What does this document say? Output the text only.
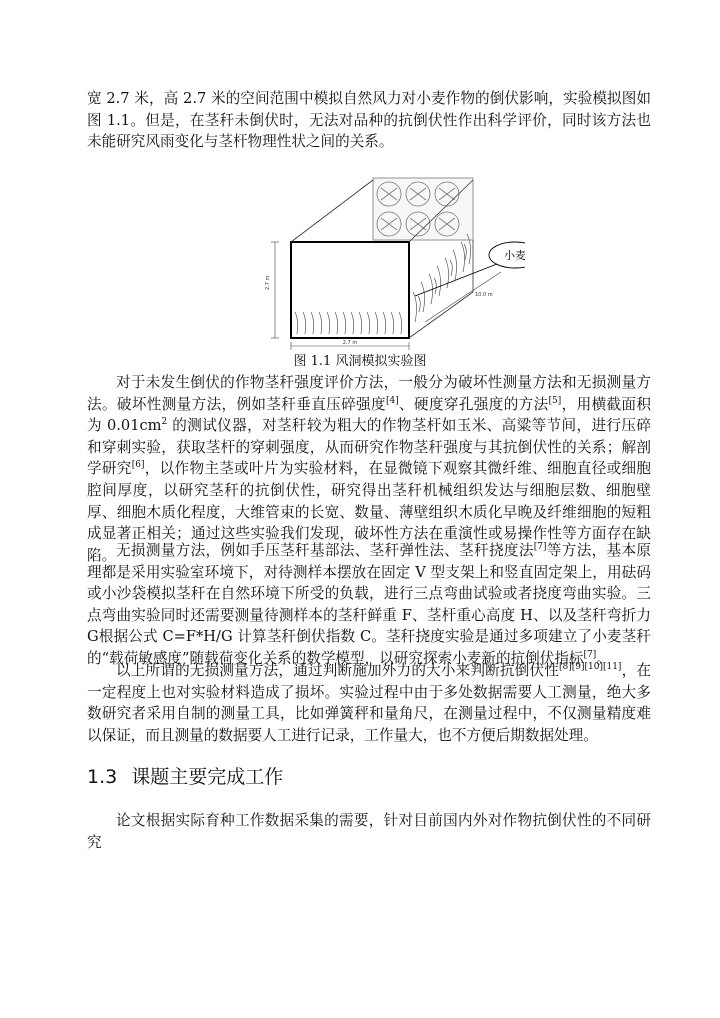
宽 2.7 米，高 2.7 米的空间范围中模拟自然风力对小麦作物的倒伏影响，实验模拟图如图 1.1。但是，在茎秆未倒伏时，无法对品种的抗倒伏性作出科学评价，同时该方法也未能研究风雨变化与茎杆物理性状之间的关系。

小麦
2.7 m
2.7 m
10.0 m
图 1.1 风洞模拟实验图

对于未发生倒伏的作物茎秆强度评价方法，一般分为破坏性测量方法和无损测量方法。破坏性测量方法，例如茎秆垂直压碎强度[4]、硬度穿孔强度的方法[5]，用横截面积为 $0.01cm^2$ 的测试仪器，对茎秆较为粗大的作物茎杆如玉米、高粱等节间，进行压碎和穿刺实验，获取茎杆的穿刺强度，从而研究作物茎秆强度与其抗倒伏性的关系；解剖学研究[6]，以作物主茎或叶片为实验材料，在显微镜下观察其微纤维、细胞直径或细胞腔间厚度，以研究茎秆的抗倒伏性，研究得出茎秆机械组织发达与细胞层数、细胞壁厚、细胞木质化程度，大维管束的长宽、数量、薄壁组织木质化早晚及纤维细胞的短粗成显著正相关；通过这些实验我们发现，破坏性方法在重演性或易操作性等方面存在缺陷。 无损测量方法，例如手压茎秆基部法、茎秆弹性法、茎秆挠度法[7]等方法，基本原理都是采用实验室环境下，对待测样本摆放在固定 V 型支架上和竖直固定架上，用砝码或小沙袋模拟茎秆在自然环境下所受的负载，进行三点弯曲试验或者挠度弯曲实验。三点弯曲实验同时还需要测量待测样本的茎秆鲜重 F、茎杆重心高度 H、以及茎秆弯折力 G根据公式 C=F*H/G 计算茎秆倒伏指数 C。茎秆挠度实验是通过多项建立了小麦茎秆的“载荷敏感度”随载荷变化关系的数学模型，以研究探索小麦新的抗倒伏指标[7]。

以上所谓的无损测量方法，通过判断施加外力的大小来判断抗倒伏性[8][9][10][11]，在一定程度上也对实验材料造成了损坏。实验过程中由于多处数据需要人工测量，绝大多数研究者采用自制的测量工具，比如弹簧秤和量角尺，在测量过程中，不仅测量精度难以保证，而且测量的数据要人工进行记录，工作量大，也不方便后期数据处理。

1.3 课题主要完成工作

论文根据实际育种工作数据采集的需要，针对目前国内外对作物抗倒伏性的不同研究
